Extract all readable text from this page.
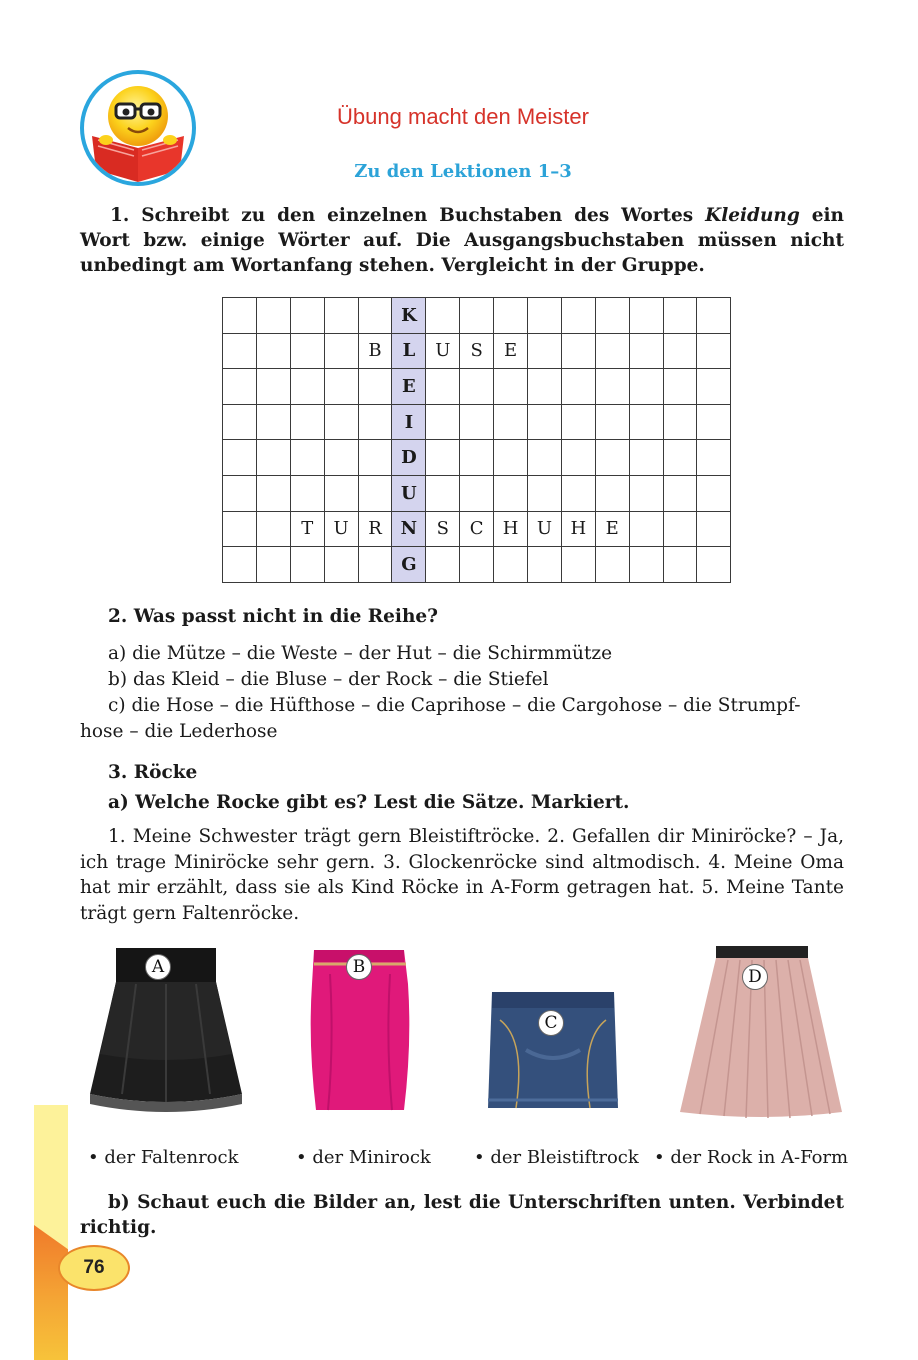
76
Übung macht den Meister
Zu den Lektionen 1–3
1. Schreibt zu den einzelnen Buchstaben des Wortes Kleidung ein Wort bzw. einige Wörter auf. Die Ausgangsbuchstaben müssen nicht unbedingt am Wortanfang stehen. Vergleicht in der Gruppe.
					K									
				B	L	U	S	E						
					E									
					I									
					D									
					U									
		T	U	R	N	S	C	H	U	H	E			
					G									
2. Was passt nicht in die Reihe?
a) die Mütze – die Weste – der Hut – die Schirmmütze
b) das Kleid – die Bluse – der Rock – die Stiefel
c) die Hose – die Hüfthose – die Caprihose – die Cargohose – die Strumpf-
hose – die Lederhose
3. Röcke
a) Welche Rocke gibt es? Lest die Sätze. Markiert.
1. Meine Schwester trägt gern Bleistiftröcke. 2. Gefallen dir Miniröcke? – Ja, ich trage Miniröcke sehr gern. 3. Glockenröcke sind altmodisch. 4. Meine Oma hat mir erzählt, dass sie als Kind Röcke in A-Form getragen hat. 5. Meine Tante trägt gern Faltenröcke.
A	B
C
D
• der Faltenrock	• der Minirock • der Bleistiftrock • der Rock in A-Form
b) Schaut euch die Bilder an, lest die Unterschriften unten. Verbindet richtig.
